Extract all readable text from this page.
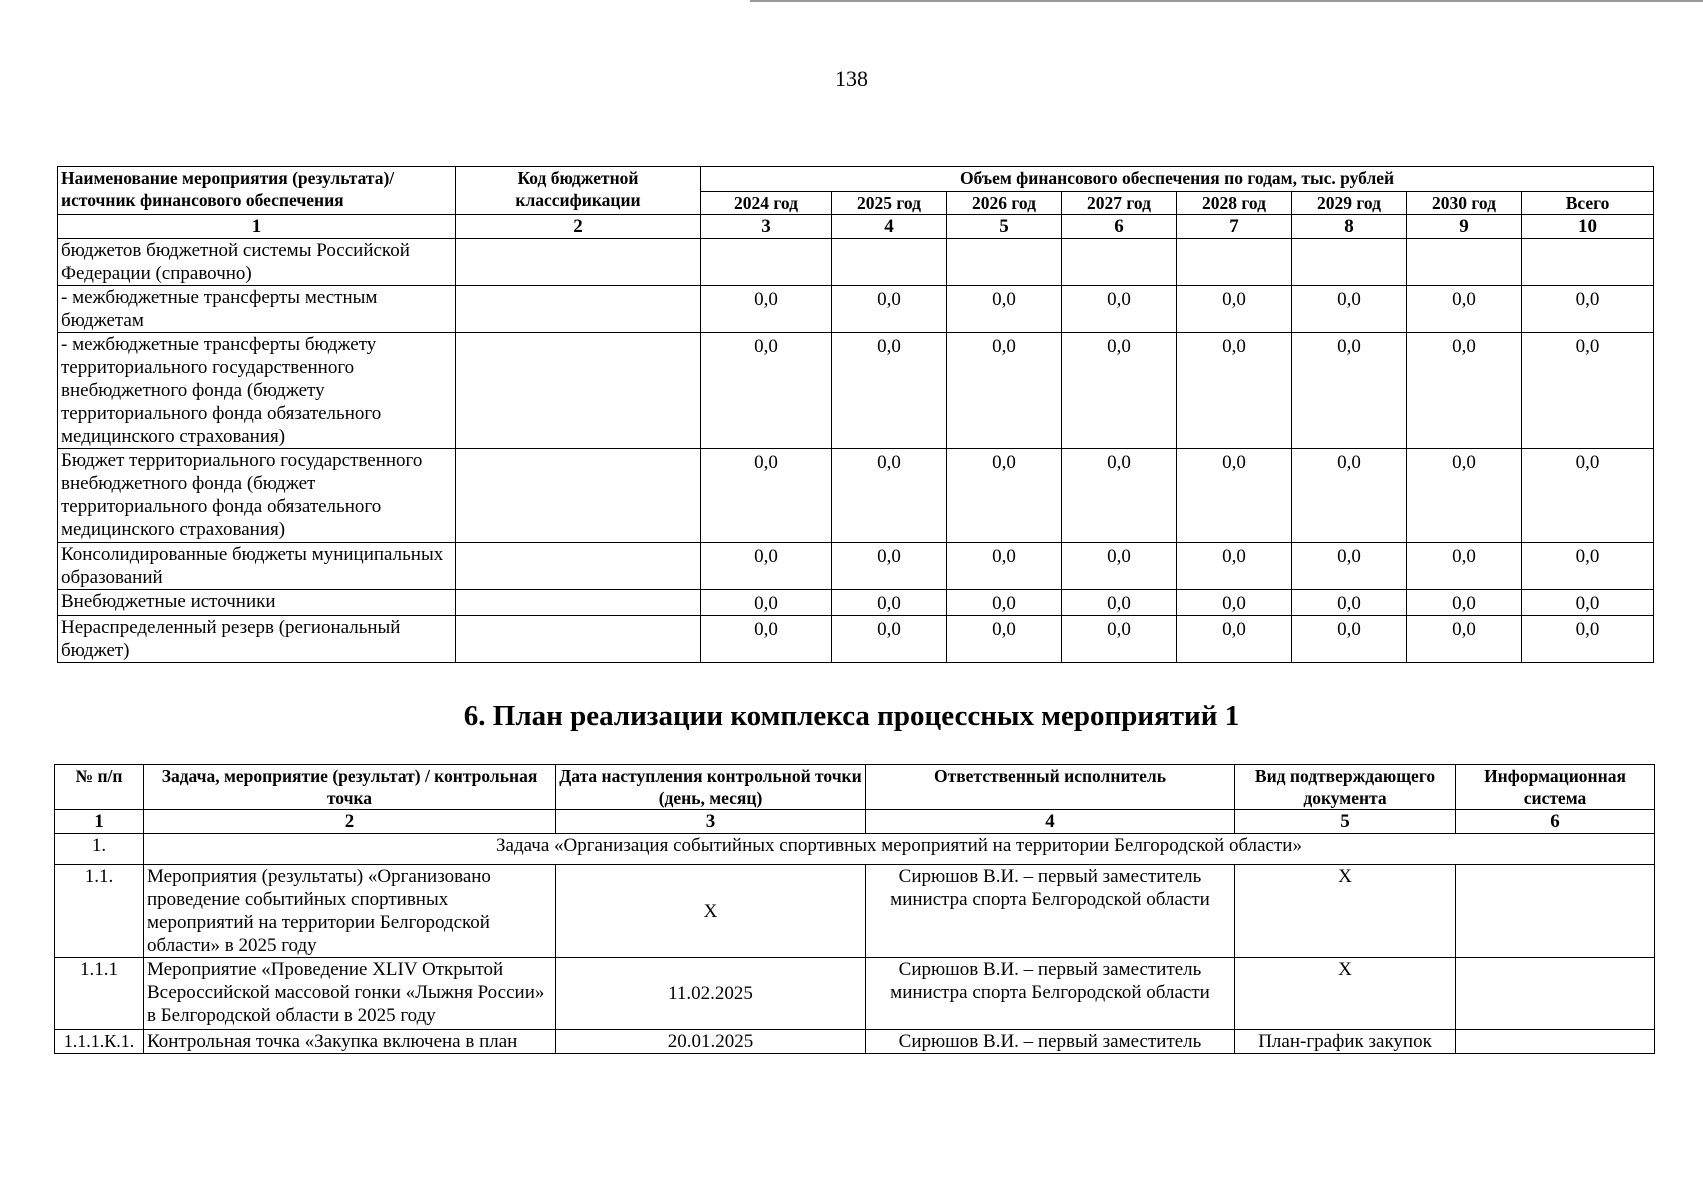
138
Наименование мероприятия (результата)/ источник финансового обеспечения	Код бюджетной классификации	Объем финансового обеспечения по годам, тыс. рублей							
		2024 год	2025 год	2026 год	2027 год	2028 год	2029 год	2030 год	Всего
1	2	3	4	5	6	7	8	9	10
бюджетов бюджетной системы Российской Федерации (справочно)									
- межбюджетные трансферты местным бюджетам		0,0	0,0	0,0	0,0	0,0	0,0	0,0	0,0
- межбюджетные трансферты бюджету территориального государственного внебюджетного фонда (бюджету территориального фонда обязательного медицинского страхования)		0,0	0,0	0,0	0,0	0,0	0,0	0,0	0,0
Бюджет территориального государственного внебюджетного фонда (бюджет территориального фонда обязательного медицинского страхования)		0,0	0,0	0,0	0,0	0,0	0,0	0,0	0,0
Консолидированные бюджеты муниципальных образований		0,0	0,0	0,0	0,0	0,0	0,0	0,0	0,0
Внебюджетные источники		0,0	0,0	0,0	0,0	0,0	0,0	0,0	0,0
Нераспределенный резерв (региональный бюджет)		0,0	0,0	0,0	0,0	0,0	0,0	0,0	0,0
6. План реализации комплекса процессных мероприятий 1
№ п/п	Задача, мероприятие (результат) / контрольная точка	Дата наступления контрольной точки (день, месяц)	Ответственный исполнитель	Вид подтверждающего документа	Информационная система
1	2	3	4	5	6
1.	Задача «Организация событийных спортивных мероприятий на территории Белгородской области»				
1.1.	Мероприятия (результаты) «Организовано проведение событийных спортивных мероприятий на территории Белгородской области» в 2025 году	Х	Сирюшов В.И. – первый заместитель министра спорта Белгородской области	Х	
1.1.1	Мероприятие «Проведение XLIV Открытой Всероссийской массовой гонки «Лыжня России» в Белгородской области в 2025 году	11.02.2025	Сирюшов В.И. – первый заместитель министра спорта Белгородской области	Х	
1.1.1.К.1.	Контрольная точка «Закупка включена в план	20.01.2025	Сирюшов В.И. – первый заместитель	План-график закупок	
